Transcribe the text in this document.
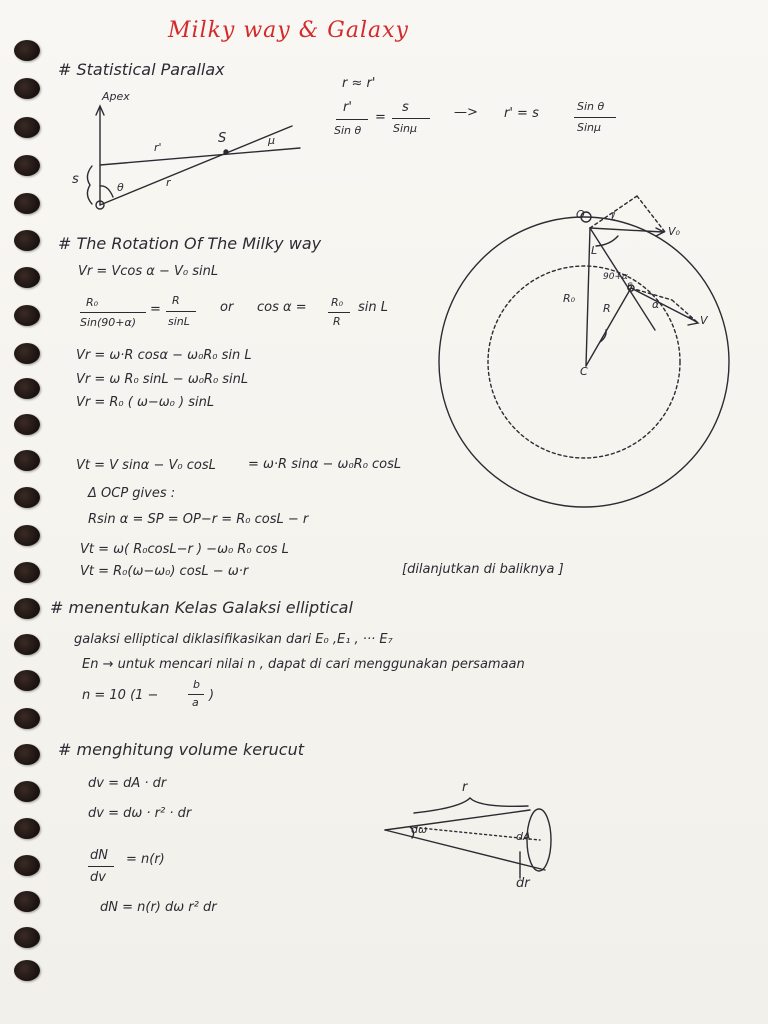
Milky way & Galaxy
# Statistical Parallax
Apex
s
S
r'
r
μ
θ
r ≈ r'
r'
Sin θ
=
s
Sinμ
—> r' = s	Sin θ
Sinμ
# The Rotation Of The Milky way
Vr = Vcos α − V₀ sinL
R₀
Sin(90+α)
=
R
sinL
or cos α = R₀
R
sin L
Vr = ω·R cosα − ω₀R₀ sin L
Vr = ω R₀ sinL − ω₀R₀ sinL
Vr = R₀ ( ω−ω₀ ) sinL
Vt = V sinα − V₀ cosL = ω·R sinα − ω₀R₀ cosL
Δ OCP gives :
Rsin α = SP = OP−r = R₀ cosL − r
Vt = ω( R₀cosL−r ) −ω₀ R₀ cos L
Vt = R₀(ω−ω₀) cosL − ω·r	[dilanjutkan di baliknya ]
O ℓ
V₀
L
R₀
R
C
90+α
S
α
V
# menentukan Kelas Galaksi elliptical
galaksi elliptical diklasifikasikan dari E₀ ,E₁ , ··· E₇
En → untuk mencari nilai n , dapat di cari menggunakan persamaan
n = 10 (1 −
b
a )
# menghitung volume kerucut
dv = dA · dr
dv = dω · r² · dr
dN
dv
= n(r)
dN = n(r) dω r² dr
r
dω
dA
dr
